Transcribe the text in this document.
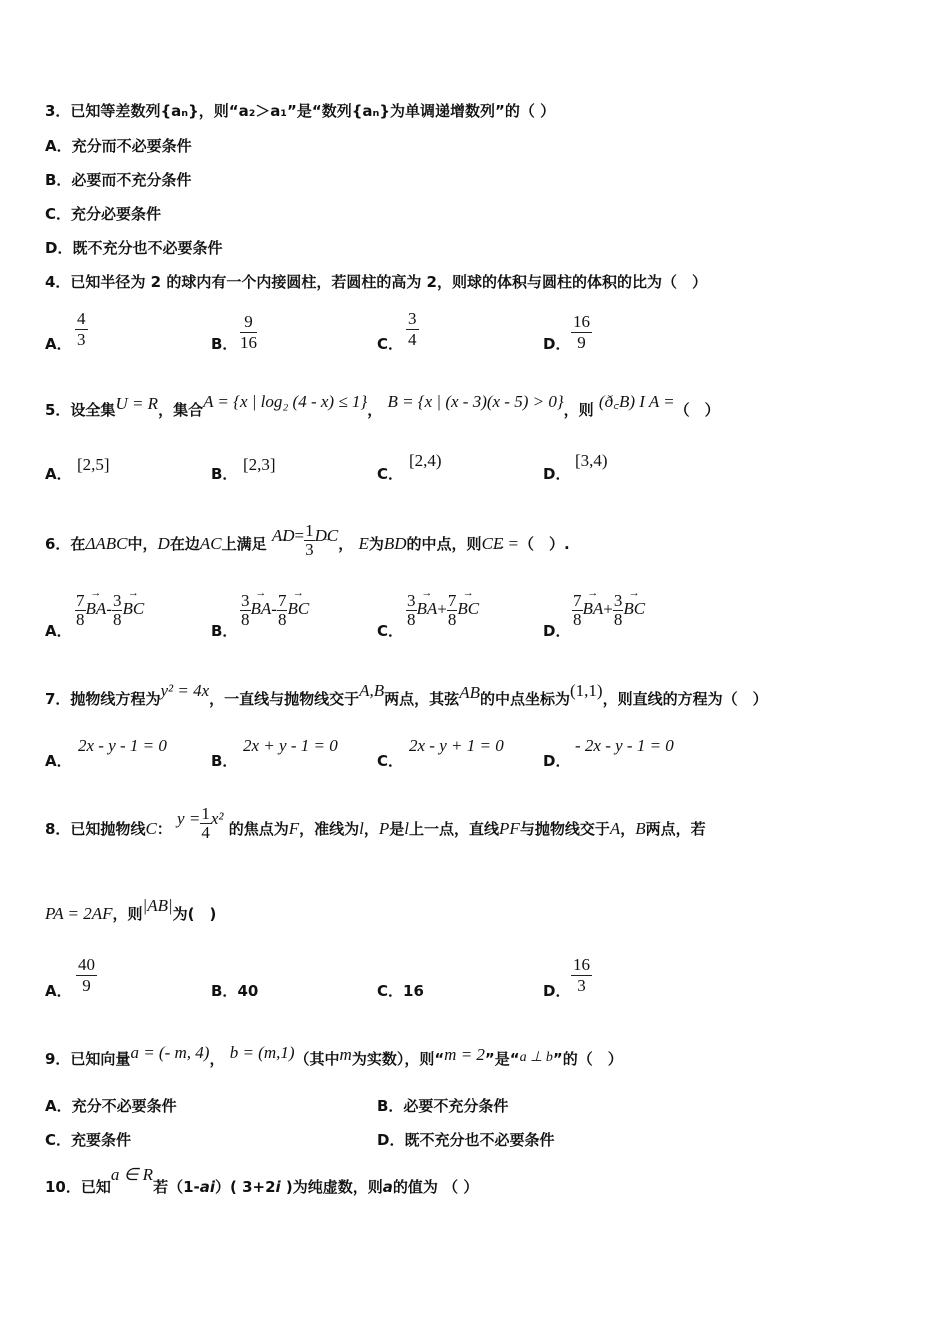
3．已知等差数列{aₙ}，则“a₂＞a₁”是“数列{aₙ}为单调递增数列”的（ ）
A．充分而不必要条件
B．必要而不充分条件
C．充分必要条件
D．既不充分也不必要条件
4．已知半径为 2 的球内有一个内接圆柱，若圆柱的高为 2，则球的体积与圆柱的体积的比为（　）
A． $\frac{4}{3}$	B． $\frac{9}{16}$	C． $\frac{3}{4}$	D． $\frac{16}{9}$
5．设全集U = R，集合A = {x | log₂ (4 - x) ≤ 1}， B = {x | (x - 3)(x - 5) > 0}，则 (ð꜀B) I A =（　）
A． [2,5]	B． [2,3]	C．
[2,4)
D．
[3,4)
6．在ΔABC中，D在边AC上满足 → $AD= \frac{1}{3}$
→ DC， E为BD的中点，则→ CE =（　）.
A．
$\frac{7}{8}$
→ $BA- \frac{3}{8}$
→ BC
B．
$\frac{3}{8}$
→ $BA- \frac{7}{8}$
→ BC
C．
$\frac{3}{8}$
→ $BA+ \frac{7}{8}$
→ BC
D．
$\frac{7}{8}$
→ $BA+ \frac{3}{8}$
→ BC
7．抛物线方程为y² = 4x，一直线与抛物线交于A,B两点，其弦AB的中点坐标为(1,1)，则直线的方程为（　）
A．
2x - y - 1 = 0
B．
2x + y - 1 = 0
C．
2x - y + 1 = 0
D．
- 2x - y - 1 = 0
8．已知抛物线C： $y = \frac{1}{4} x^2$ 的焦点为F，准线为l，P是l上一点，直线PF与抛物线交于A，B两点，若
PA = 2AF，则|AB|为(　)
A． $\frac{40}{9}$	B．40	C．16	D． $\frac{16}{3}$
9．已知向量a = (- m, 4)， b = (m,1)（其中m为实数），则“m = 2”是“a ⊥ b”的（　）
A．充分不必要条件	B．必要不充分条件
C．充要条件	D．既不充分也不必要条件
10．已知a ∈ R若（1-ai）( 3+2i )为纯虚数，则a的值为 （ ）
